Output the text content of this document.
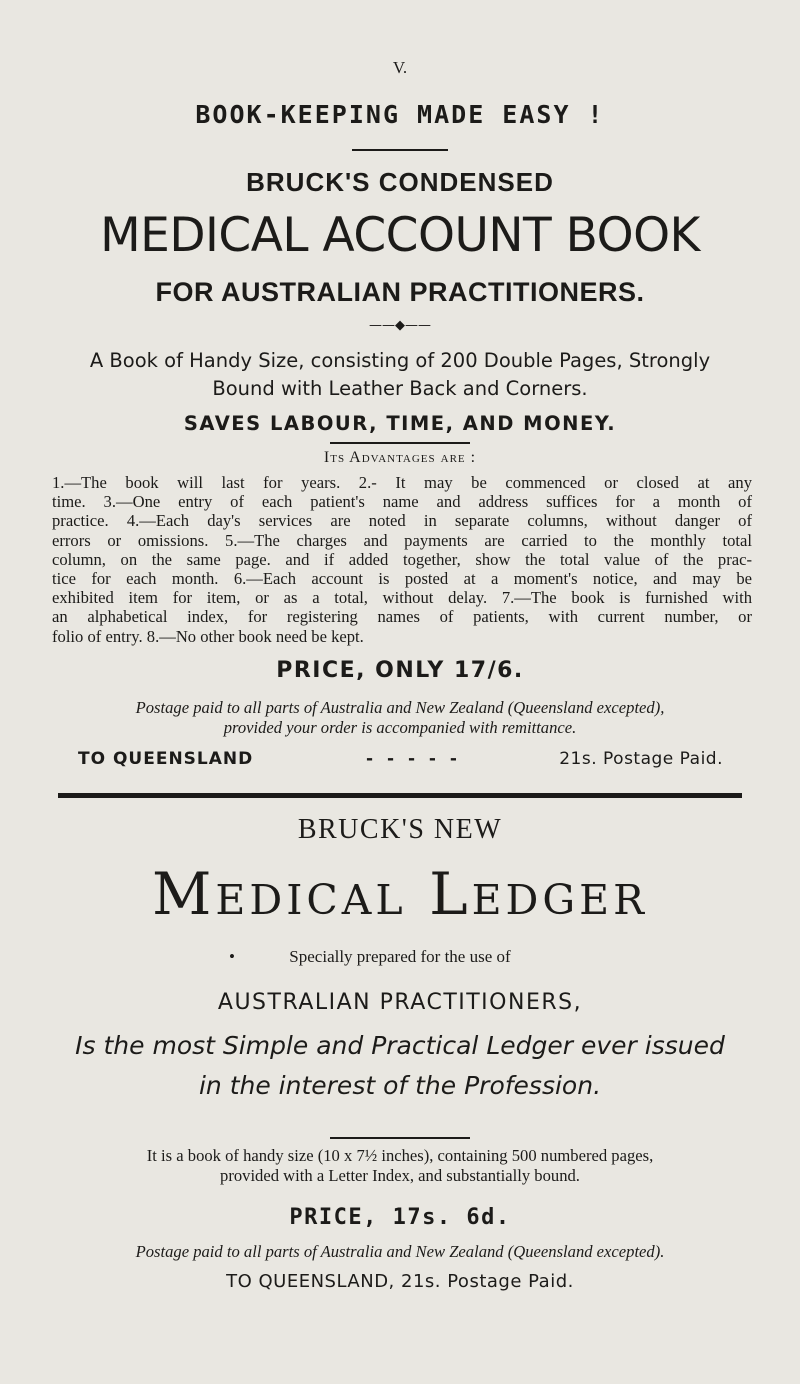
V.
BOOK-KEEPING MADE EASY !
BRUCK'S CONDENSED
MEDICAL ACCOUNT BOOK
FOR AUSTRALIAN PRACTITIONERS.
——◆——
A Book of Handy Size, consisting of 200 Double Pages, Strongly
Bound with Leather Back and Corners.
SAVES LABOUR, TIME, AND MONEY.
Its Advantages are :
1.—The book will last for years. 2.- It may be commenced or closed at any
time. 3.—One entry of each patient's name and address suffices for a month of
practice. 4.—Each day's services are noted in separate columns, without danger of
errors or omissions. 5.—The charges and payments are carried to the monthly total
column, on the same page. and if added together, show the total value of the prac-
tice for each month. 6.—Each account is posted at a moment's notice, and may be
exhibited item for item, or as a total, without delay. 7.—The book is furnished with
an alphabetical index, for registering names of patients, with current number, or
folio of entry. 8.—No other book need be kept.
PRICE, ONLY 17/6.
Postage paid to all parts of Australia and New Zealand (Queensland excepted),
provided your order is accompanied with remittance.
TO QUEENSLAND	- - - - -	21s. Postage Paid.
BRUCK'S NEW
Medical Ledger
•	Specially prepared for the use of
AUSTRALIAN PRACTITIONERS,
Is the most Simple and Practical Ledger ever issued
in the interest of the Profession.
It is a book of handy size (10 x 7½ inches), containing 500 numbered pages,
provided with a Letter Index, and substantially bound.
PRICE, 17s. 6d.
Postage paid to all parts of Australia and New Zealand (Queensland excepted).
TO QUEENSLAND, 21s. Postage Paid.
